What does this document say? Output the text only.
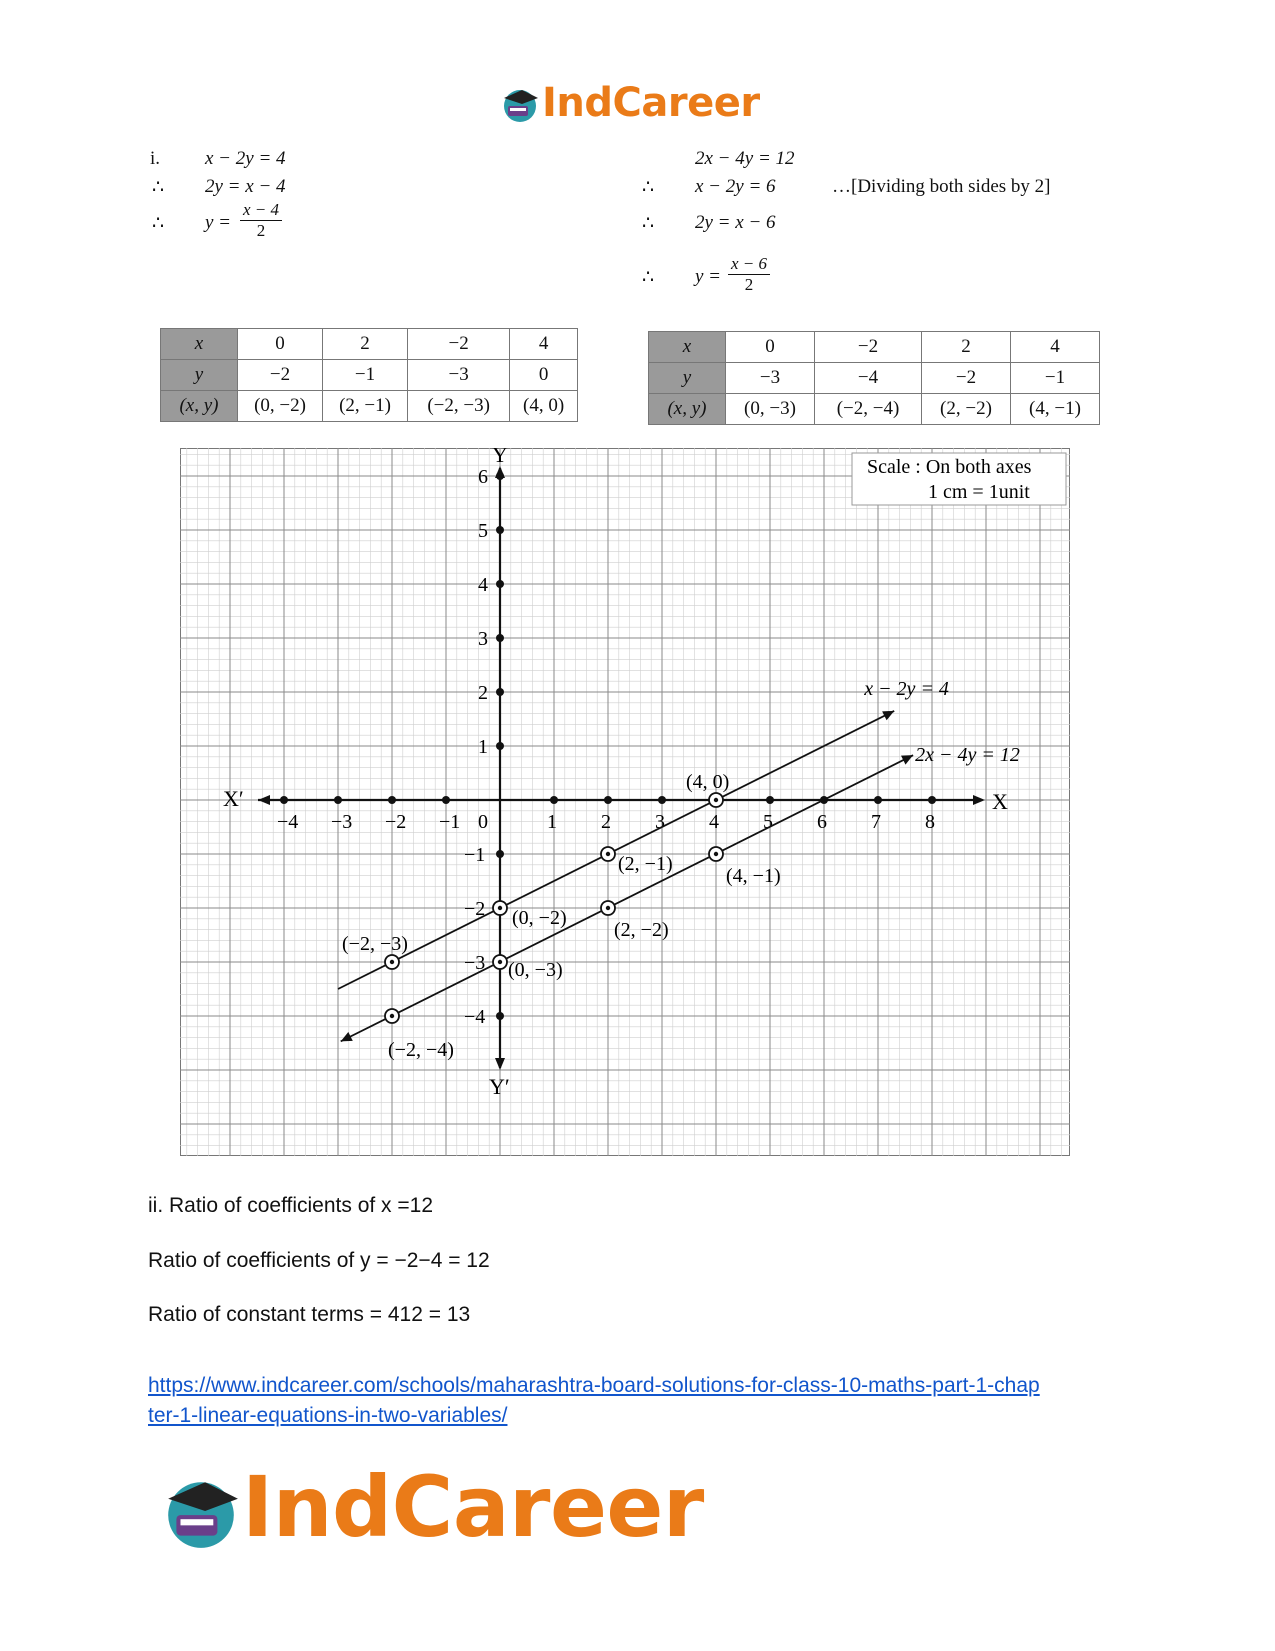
IndCareer
i. x − 2y = 4
∴ 2y = x − 4
∴ $y = \frac{x - 4}{2}$
2x − 4y = 12
∴ x − 2y = 6	…[Dividing both sides by 2]
∴ 2y = x − 6
∴ $y = \frac{x - 6}{2}$
x	0	2	−2	4
y	−2	−1	−3	0
(x, y)	(0, −2)	(2, −1)	(−2, −3)	(4, 0)
x	0	−2	2	4
y	−3	−4	−2	−1
(x, y)	(0, −3)	(−2, −4)	(2, −2)	(4, −1)
X
X′
Y
Y′
0
−4 −3 −2 −1	1 2 3 4 5 6 7 8
1
2
3
4
5
6
−1
−2
−3
−4
x − 2y = 4
2x − 4y = 12
(4, 0)
(2, −1)
(0, −2)
(−2, −3)
(4, −1)
(2, −2)
(0, −3)
(−2, −4)
Scale : On both axes
1 cm = 1unit
ii. Ratio of coefficients of x =12
Ratio of coefficients of y = −2−4 = 12
Ratio of constant terms = 412 = 13
https://www.indcareer.com/schools/maharashtra-board-solutions-for-class-10-maths-part-1-chap
ter-1-linear-equations-in-two-variables/
IndCareer
